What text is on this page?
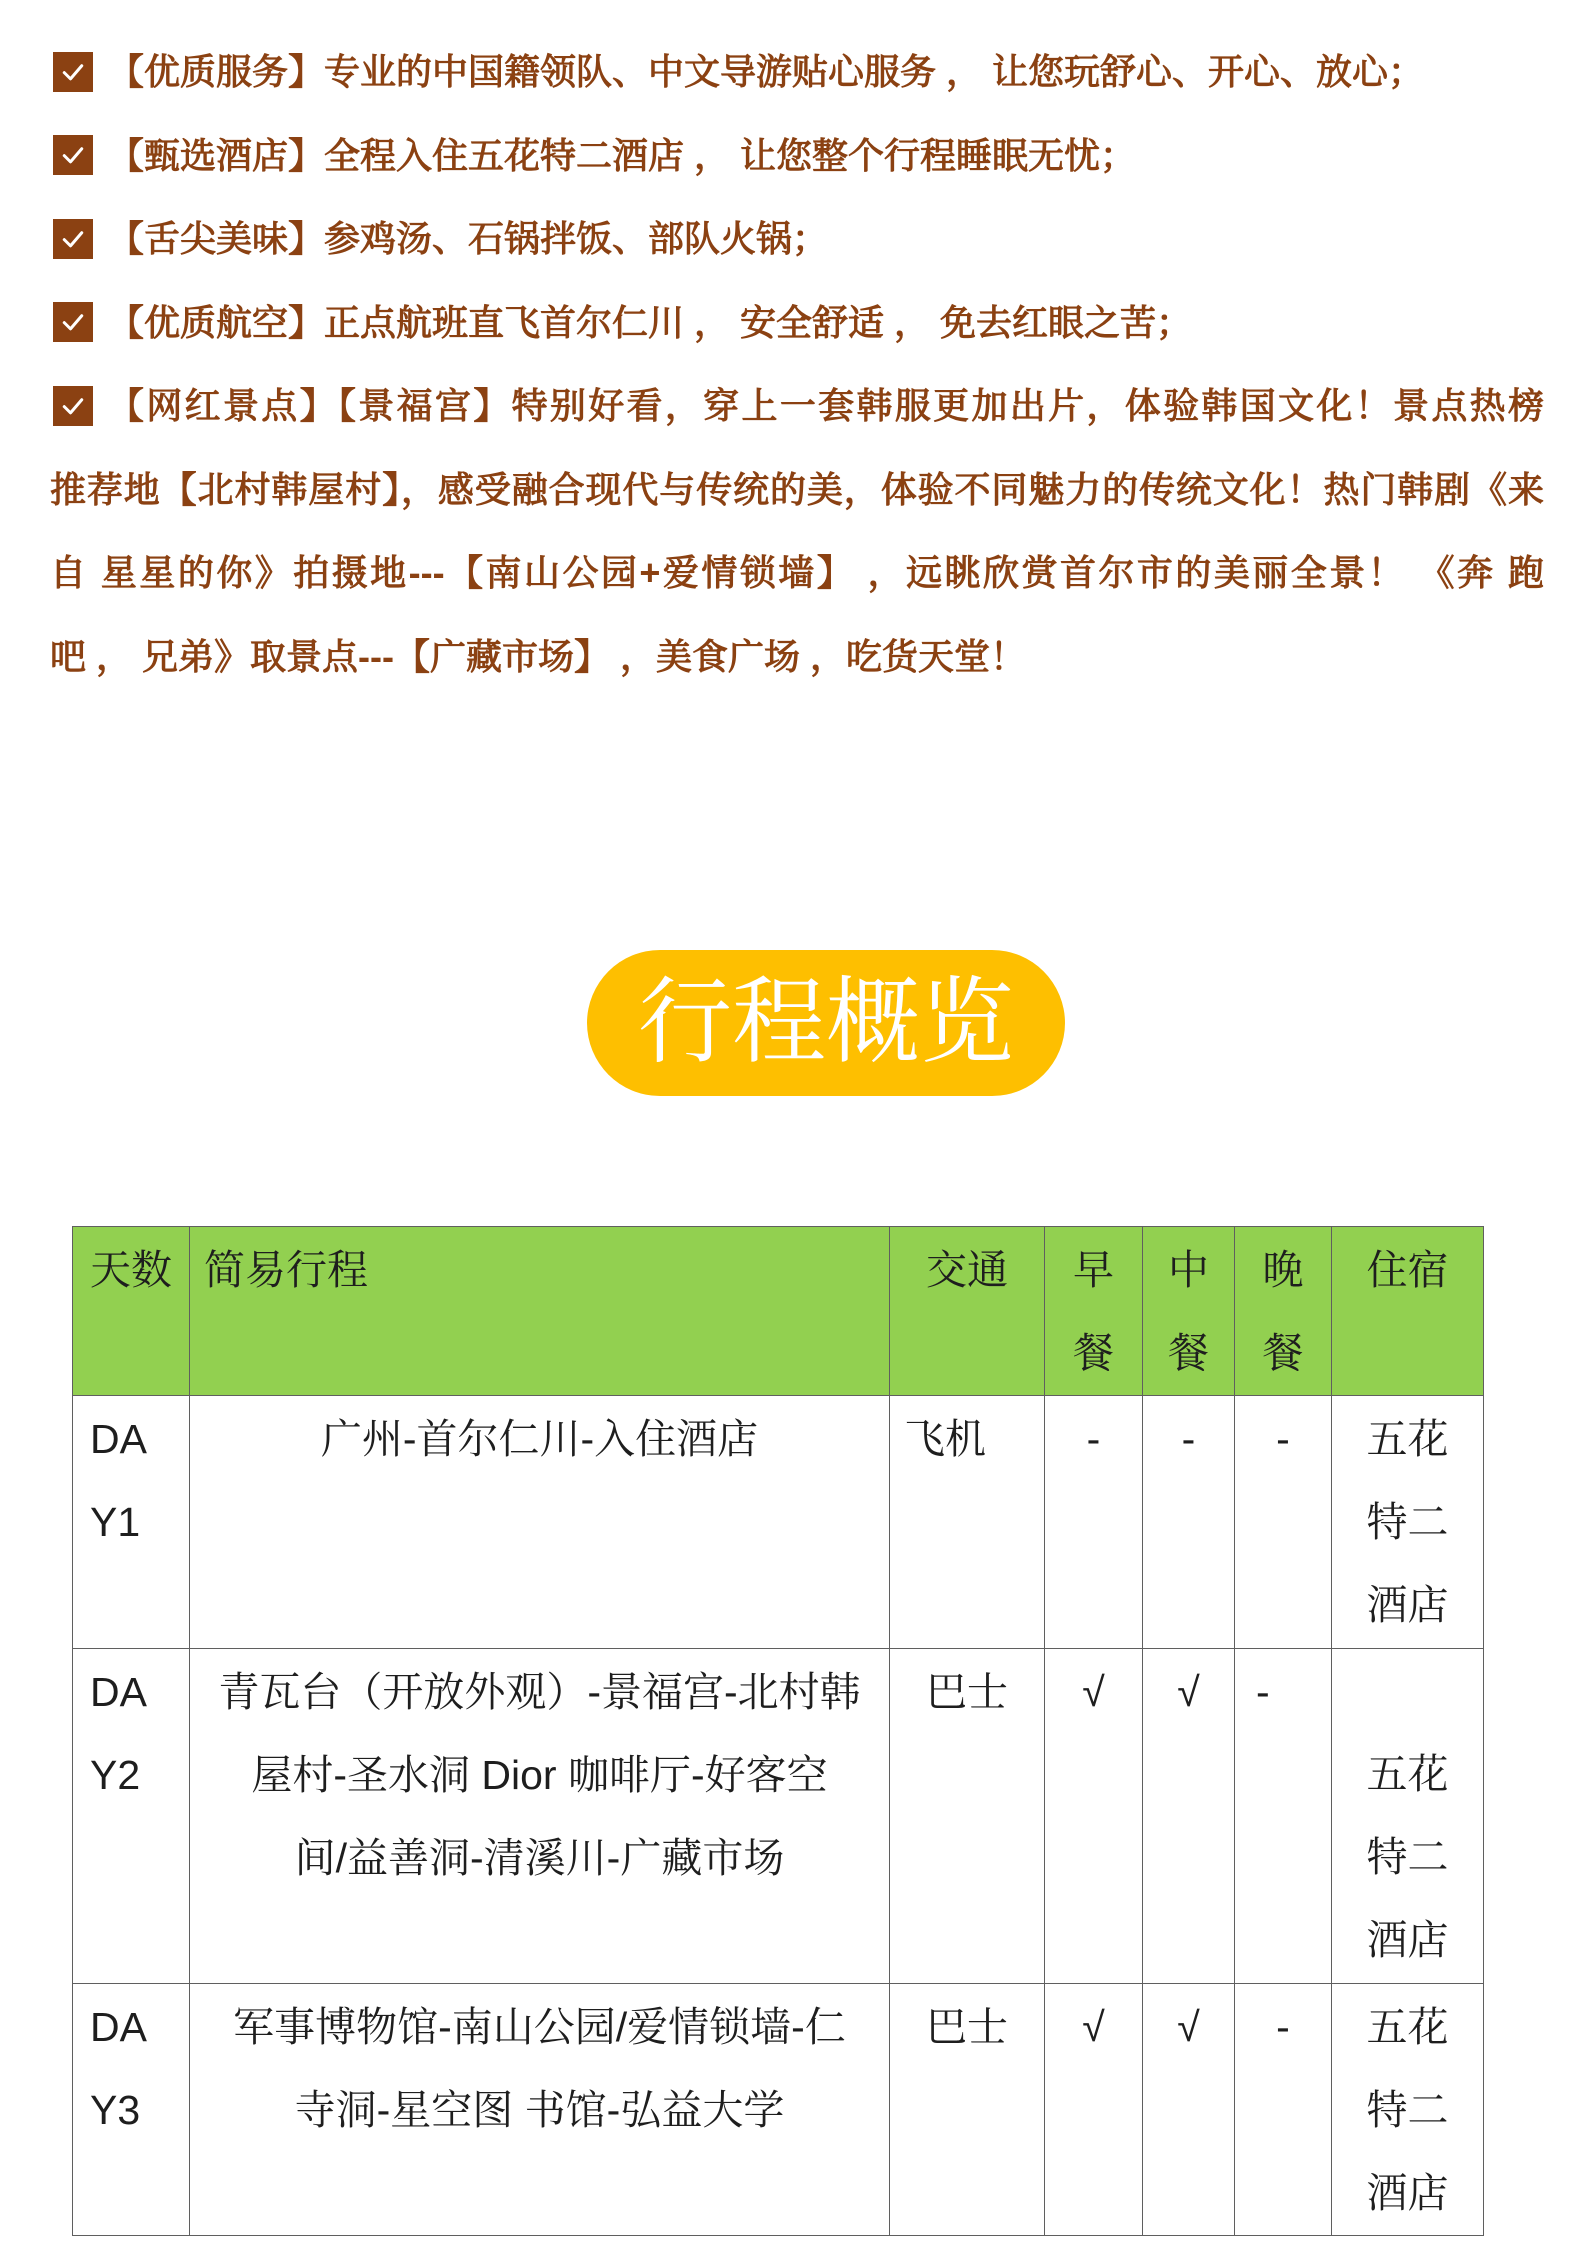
【优质服务】专业的中国籍领队、中文导游贴心服务 ， 让您玩舒心、开心、放心；
【甄选酒店】全程入住五花特二酒店 ， 让您整个行程睡眠无忧；
【舌尖美味】参鸡汤、石锅拌饭、部队火锅；
【优质航空】正点航班直飞首尔仁川 ， 安全舒适 ， 免去红眼之苦；
【网红景点】【景福宫】特别好看，穿上一套韩服更加出片，体验韩国文化！景点热榜
推荐地【北村韩屋村】，感受融合现代与传统的美，体验不同魅力的传统文化！热门韩剧《来
自 星星的你》拍摄地---【南山公园+爱情锁墙】 ，远眺欣赏首尔市的美丽全景！ 《奔 跑
吧 ， 兄弟》取景点---【广藏市场】 ，美食广场 ，吃货天堂！
行程概览
天数	简易行程	交通	早餐	中餐	晚餐	住宿

DAY1	广州-首尔仁川-入住酒店	飞机	-	-	-	五花特二酒店

DAY2	青瓦台（开放外观）-景福宫-北村韩
屋村-圣水洞 Dior 咖啡厅-好客空
间/益善洞-清溪川-广藏市场	巴士	√	√	-	五花特二酒店

DAY3	军事博物馆-南山公园/爱情锁墙-仁
寺洞-星空图 书馆-弘益大学	巴士	√	√	-	五花特二酒店
